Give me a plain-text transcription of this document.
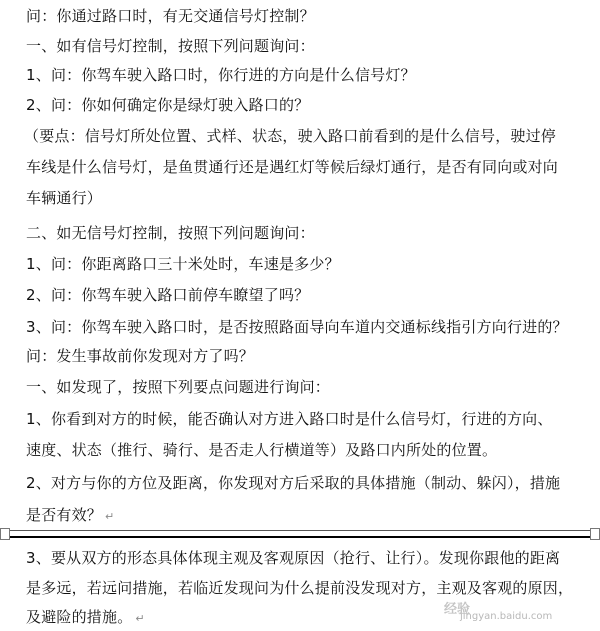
问：你通过路口时，有无交通信号灯控制？
一、如有信号灯控制，按照下列问题询问：
1、问：你驾车驶入路口时，你行进的方向是什么信号灯？
2、问：你如何确定你是绿灯驶入路口的？
（要点：信号灯所处位置、式样、状态，驶入路口前看到的是什么信号，驶过停
车线是什么信号灯，是鱼贯通行还是遇红灯等候后绿灯通行，是否有同向或对向
车辆通行）
二、如无信号灯控制，按照下列问题询问：
1、问：你距离路口三十米处时，车速是多少？
2、问：你驾车驶入路口前停车瞭望了吗？
3、问：你驾车驶入路口时，是否按照路面导向车道内交通标线指引方向行进的？
问：发生事故前你发现对方了吗？
一、如发现了，按照下列要点问题进行询问：
1、你看到对方的时候，能否确认对方进入路口时是什么信号灯，行进的方向、
速度、状态（推行、骑行、是否走人行横道等）及路口内所处的位置。
2、对方与你的方位及距离，你发现对方后采取的具体措施（制动、躲闪），措施
是否有效？ ↵
3、要从双方的形态具体体现主观及客观原因（抢行、让行）。发现你跟他的距离
是多远，若远问措施，若临近发现问为什么提前没发现对方，主观及客观的原因，
及避险的措施。 ↵
经验
jingyan.baidu.com
